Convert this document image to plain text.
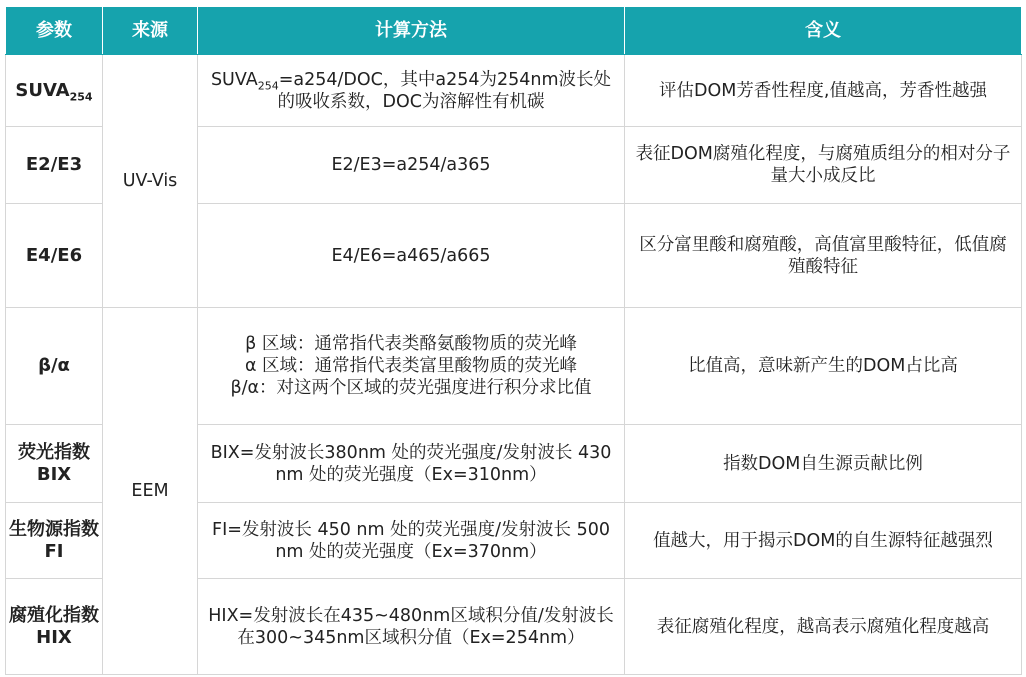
参数	来源	计算方法	含义
$SUVA_{254}$	UV-Vis	$SUVA_{254}=a254$/DOC，其中a254为254nm波长处的吸收系数，DOC为溶解性有机碳	评估DOM芳香性程度,值越高，芳香性越强
E2/E3		E2/E3=a254/a365	表征DOM腐殖化程度，与腐殖质组分的相对分子量大小成反比
E4/E6		E4/E6=a465/a665	区分富里酸和腐殖酸，高值富里酸特征，低值腐殖酸特征
β/α	EEM	β 区域：通常指代表类酪氨酸物质的荧光峰
α 区域：通常指代表类富里酸物质的荧光峰
β/α：对这两个区域的荧光强度进行积分求比值	比值高，意味新产生的DOM占比高
荧光指数BIX		BIX=发射波长380nm 处的荧光强度/发射波长 430 nm 处的荧光强度（Ex=310nm）	指数DOM自生源贡献比例
生物源指数FI		FI=发射波长 450 nm 处的荧光强度/发射波长 500 nm 处的荧光强度（Ex=370nm）	值越大，用于揭示DOM的自生源特征越强烈
腐殖化指数HIX		HIX=发射波长在435~480nm区域积分值/发射波长在300~345nm区域积分值（Ex=254nm）	表征腐殖化程度，越高表示腐殖化程度越高
